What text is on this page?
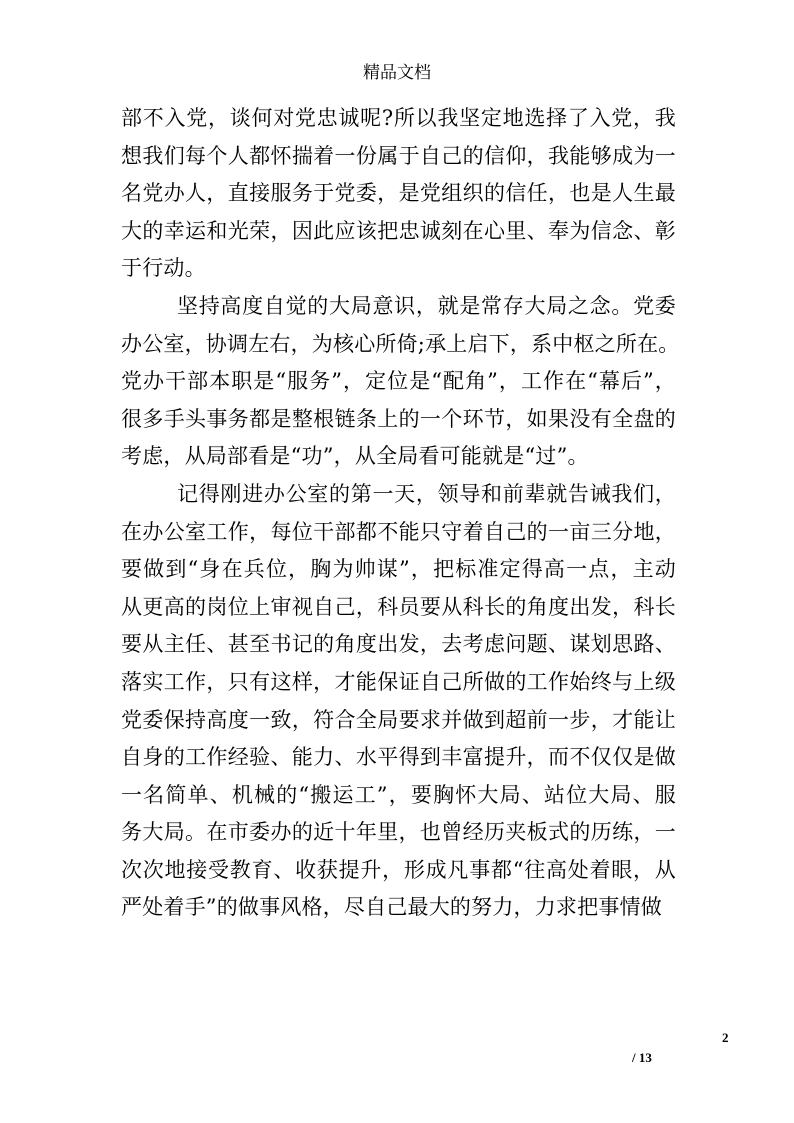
精品文档
部不入党，谈何对党忠诚呢?所以我坚定地选择了入党，我
想我们每个人都怀揣着一份属于自己的信仰，我能够成为一
名党办人，直接服务于党委，是党组织的信任，也是人生最
大的幸运和光荣，因此应该把忠诚刻在心里、奉为信念、彰
于行动。
坚持高度自觉的大局意识，就是常存大局之念。党委
办公室，协调左右，为核心所倚;承上启下，系中枢之所在。
党办干部本职是“服务”，定位是“配角”，工作在“幕后”，
很多手头事务都是整根链条上的一个环节，如果没有全盘的
考虑，从局部看是“功”，从全局看可能就是“过”。
记得刚进办公室的第一天，领导和前辈就告诫我们，
在办公室工作，每位干部都不能只守着自己的一亩三分地，
要做到“身在兵位，胸为帅谋”，把标准定得高一点，主动
从更高的岗位上审视自己，科员要从科长的角度出发，科长
要从主任、甚至书记的角度出发，去考虑问题、谋划思路、
落实工作，只有这样，才能保证自己所做的工作始终与上级
党委保持高度一致，符合全局要求并做到超前一步，才能让
自身的工作经验、能力、水平得到丰富提升，而不仅仅是做
一名简单、机械的“搬运工”，要胸怀大局、站位大局、服
务大局。在市委办的近十年里，也曾经历夹板式的历练，一
次次地接受教育、收获提升，形成凡事都“往高处着眼，从
严处着手”的做事风格，尽自己最大的努力，力求把事情做
2
/ 13
